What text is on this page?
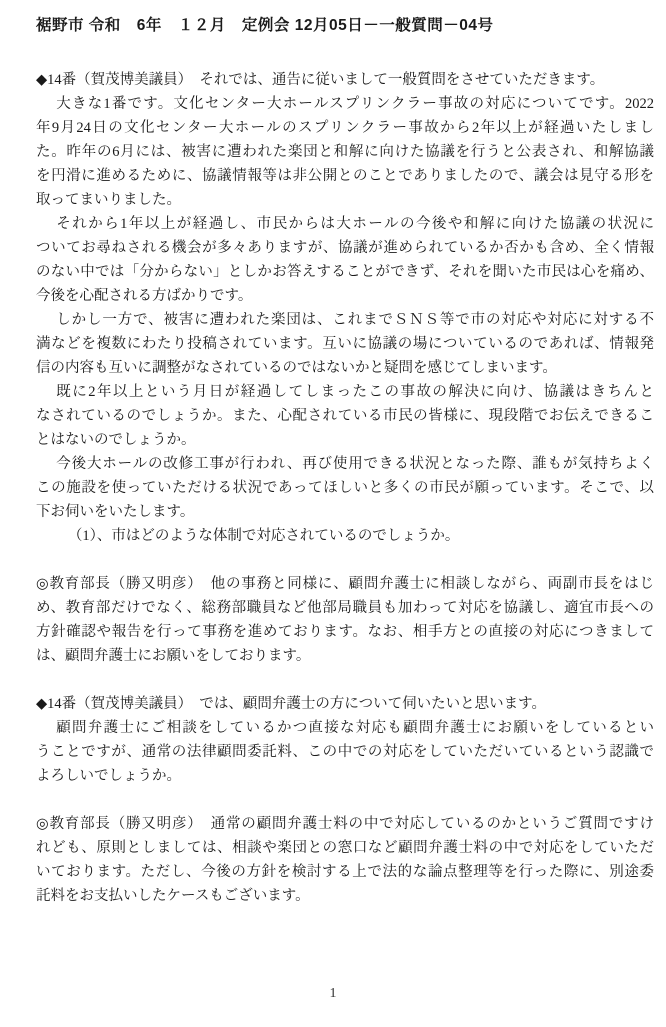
裾野市 令和　6年　１２月　定例会 12月05日－一般質問－04号
◆14番（賀茂博美議員）　それでは、通告に従いまして一般質問をさせていただきます。
大きな1番です。文化センター大ホールスプリンクラー事故の対応についてです。2022
年9月24日の文化センター大ホールのスプリンクラー事故から2年以上が経過いたしまし
た。昨年の6月には、被害に遭われた楽団と和解に向けた協議を行うと公表され、和解協議
を円滑に進めるために、協議情報等は非公開とのことでありましたので、議会は見守る形を
取ってまいりました。
それから1年以上が経過し、市民からは大ホールの今後や和解に向けた協議の状況に
ついてお尋ねされる機会が多々ありますが、協議が進められているか否かも含め、全く情報
のない中では「分からない」としかお答えすることができず、それを聞いた市民は心を痛め、
今後を心配される方ばかりです。
しかし一方で、被害に遭われた楽団は、これまでＳＮＳ等で市の対応や対応に対する不
満などを複数にわたり投稿されています。互いに協議の場についているのであれば、情報発
信の内容も互いに調整がなされているのではないかと疑問を感じてしまいます。
既に2年以上という月日が経過してしまったこの事故の解決に向け、協議はきちんと
なされているのでしょうか。また、心配されている市民の皆様に、現段階でお伝えできるこ
とはないのでしょうか。
今後大ホールの改修工事が行われ、再び使用できる状況となった際、誰もが気持ちよく
この施設を使っていただける状況であってほしいと多くの市民が願っています。そこで、以
下お伺いをいたします。
（1）、市はどのような体制で対応されているのでしょうか。
◎教育部長（勝又明彦）　他の事務と同様に、顧問弁護士に相談しながら、両副市長をはじ
め、教育部だけでなく、総務部職員など他部局職員も加わって対応を協議し、適宜市長への
方針確認や報告を行って事務を進めております。なお、相手方との直接の対応につきまして
は、顧問弁護士にお願いをしております。
◆14番（賀茂博美議員）　では、顧問弁護士の方について伺いたいと思います。
顧問弁護士にご相談をしているかつ直接な対応も顧問弁護士にお願いをしているとい
うことですが、通常の法律顧問委託料、この中での対応をしていただいているという認識で
よろしいでしょうか。
◎教育部長（勝又明彦）　通常の顧問弁護士料の中で対応しているのかというご質問ですけ
れども、原則としましては、相談や楽団との窓口など顧問弁護士料の中で対応をしていただ
いております。ただし、今後の方針を検討する上で法的な論点整理等を行った際に、別途委
託料をお支払いしたケースもございます。
1
